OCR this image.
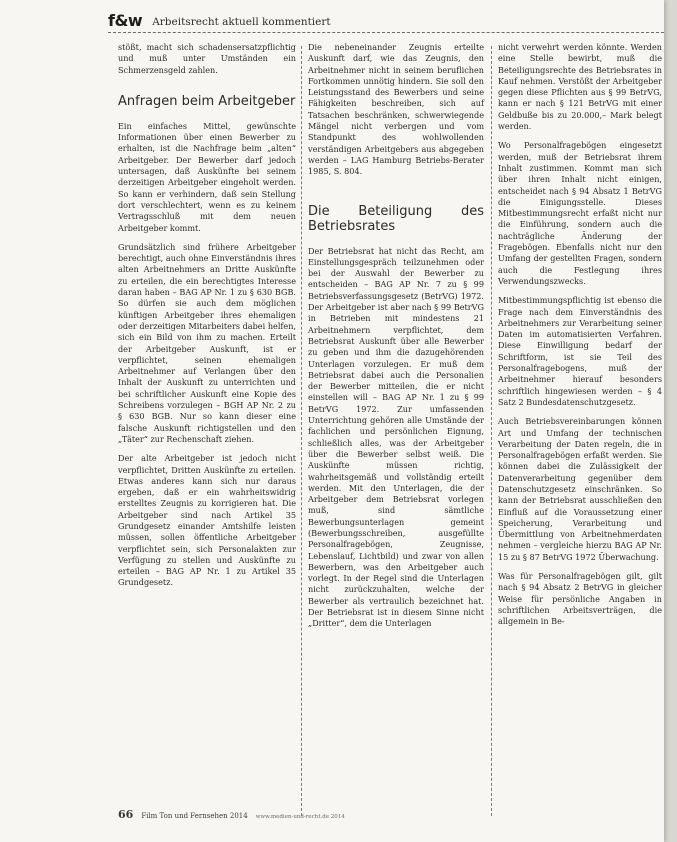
f&w Arbeitsrecht aktuell kommentiert

stößt, macht sich schadensersatzpflichtig und muß unter Umständen ein Schmerzensgeld zahlen.

Anfragen beim Arbeitgeber

Ein einfaches Mittel, gewünschte Informationen über einen Bewerber zu erhalten, ist die Nachfrage beim „alten“ Arbeitgeber. Der Bewerber darf jedoch untersagen, daß Auskünfte bei seinem derzeitigen Arbeitgeber eingeholt werden. So kann er verhindern, daß sein Stellung dort verschlechtert, wenn es zu keinem Vertragsschluß mit dem neuen Arbeitgeber kommt.

Grundsätzlich sind frühere Arbeitgeber berechtigt, auch ohne Einverständnis ihres alten Arbeitnehmers an Dritte Auskünfte zu erteilen, die ein berechtigtes Interesse daran haben – BAG AP Nr. 1 zu § 630 BGB. So dürfen sie auch dem möglichen künftigen Arbeitgeber ihres ehemaligen oder derzeitigen Mitarbeiters dabei helfen, sich ein Bild von ihm zu machen. Erteilt der Arbeitgeber Auskunft, ist er verpflichtet, seinen ehemaligen Arbeitnehmer auf Verlangen über den Inhalt der Auskunft zu unterrichten und bei schriftlicher Auskunft eine Kopie des Schreibens vorzulegen – BGH AP Nr. 2 zu § 630 BGB. Nur so kann dieser eine falsche Auskunft richtigstellen und den „Täter“ zur Rechenschaft ziehen.

Der alte Arbeitgeber ist jedoch nicht verpflichtet, Dritten Auskünfte zu erteilen. Etwas anderes kann sich nur daraus ergeben, daß er ein wahrheitswidrig erstelltes Zeugnis zu korrigieren hat. Die Arbeitgeber sind nach Artikel 35 Grundgesetz einander Amtshilfe leisten müssen, sollen öffentliche Arbeitgeber verpflichtet sein, sich Personalakten zur Verfügung zu stellen und Auskünfte zu erteilen – BAG AP Nr. 1 zu Artikel 35 Grundgesetz.

Die nebeneinander Zeugnis erteilte Auskunft darf, wie das Zeugnis, den Arbeitnehmer nicht in seinem beruflichen Fortkommen unnötig hindern. Sie soll den Leistungsstand des Bewerbers und seine Fähigkeiten beschreiben, sich auf Tatsachen beschränken, schwerwiegende Mängel nicht verbergen und vom Standpunkt des wohlwollenden verständigen Arbeitgebers aus abgegeben werden – LAG Hamburg Betriebs-Berater 1985, S. 804.

Die Beteiligung des Betriebsrates

Der Betriebsrat hat nicht das Recht, am Einstellungsgespräch teilzunehmen oder bei der Auswahl der Bewerber zu entscheiden – BAG AP Nr. 7 zu § 99 Betriebsverfassungsgesetz (BetrVG) 1972. Der Arbeitgeber ist aber nach § 99 BetrVG in Betrieben mit mindestens 21 Arbeitnehmern verpflichtet, dem Betriebsrat Auskunft über alle Bewerber zu geben und ihm die dazugehörenden Unterlagen vorzulegen. Er muß dem Betriebsrat dabei auch die Personalien der Bewerber mitteilen, die er nicht einstellen will – BAG AP Nr. 1 zu § 99 BetrVG 1972. Zur umfassenden Unterrichtung gehören alle Umstände der fachlichen und persönlichen Eignung, schließlich alles, was der Arbeitgeber über die Bewerber selbst weiß. Die Auskünfte müssen richtig, wahrheitsgemäß und vollständig erteilt werden. Mit den Unterlagen, die der Arbeitgeber dem Betriebsrat vorlegen muß, sind sämtliche Bewerbungsunterlagen gemeint (Bewerbungsschreiben, ausgefüllte Personalfragebögen, Zeugnisse, Lebenslauf, Lichtbild) und zwar von allen Bewerbern, was den Arbeitgeber auch vorlegt. In der Regel sind die Unterlagen nicht zurückzuhalten, welche der Bewerber als vertraulich bezeichnet hat. Der Betriebsrat ist in diesem Sinne nicht „Dritter“, dem die Unterlagen

nicht verwehrt werden könnte. Werden eine Stelle bewirbt, muß die Beteiligungsrechte des Betriebsrates in Kauf nehmen. Verstößt der Arbeitgeber gegen diese Pflichten aus § 99 BetrVG, kann er nach § 121 BetrVG mit einer Geldbuße bis zu 20.000,– Mark belegt werden.

Wo Personalfragebögen eingesetzt werden, muß der Betriebsrat ihrem Inhalt zustimmen. Kommt man sich über ihren Inhalt nicht einigen, entscheidet nach § 94 Absatz 1 BetrVG die Einigungsstelle. Dieses Mitbestimmungsrecht erfaßt nicht nur die Einführung, sondern auch die nachträgliche Änderung der Fragebögen. Ebenfalls nicht nur den Umfang der gestellten Fragen, sondern auch die Festlegung ihres Verwendungszwecks.

Mitbestimmungspflichtig ist ebenso die Frage nach dem Einverständnis des Arbeitnehmers zur Verarbeitung seiner Daten im automatisierten Verfahren. Diese Einwilligung bedarf der Schriftform, ist sie Teil des Personalfragebogens, muß der Arbeitnehmer hierauf besonders schriftlich hingewiesen werden – § 4 Satz 2 Bundesdatenschutzgesetz.

Auch Betriebsvereinbarungen können Art und Umfang der technischen Verarbeitung der Daten regeln, die in Personalfragebögen erfaßt werden. Sie können dabei die Zulässigkeit der Datenverarbeitung gegenüber dem Datenschutzgesetz einschränken. So kann der Betriebsrat ausschließen den Einfluß auf die Voraussetzung einer Speicherung, Verarbeitung und Übermittlung von Arbeitnehmerdaten nehmen – vergleiche hierzu BAG AP Nr. 15 zu § 87 BetrVG 1972 Überwachung.

Was für Personalfragebögen gilt, gilt nach § 94 Absatz 2 BetrVG in gleicher Weise für persönliche Angaben in schriftlichen Arbeitsverträgen, die allgemein in Be-

66 Film Ton und Fernsehen 2014 www.medien-und-recht.de 2014
